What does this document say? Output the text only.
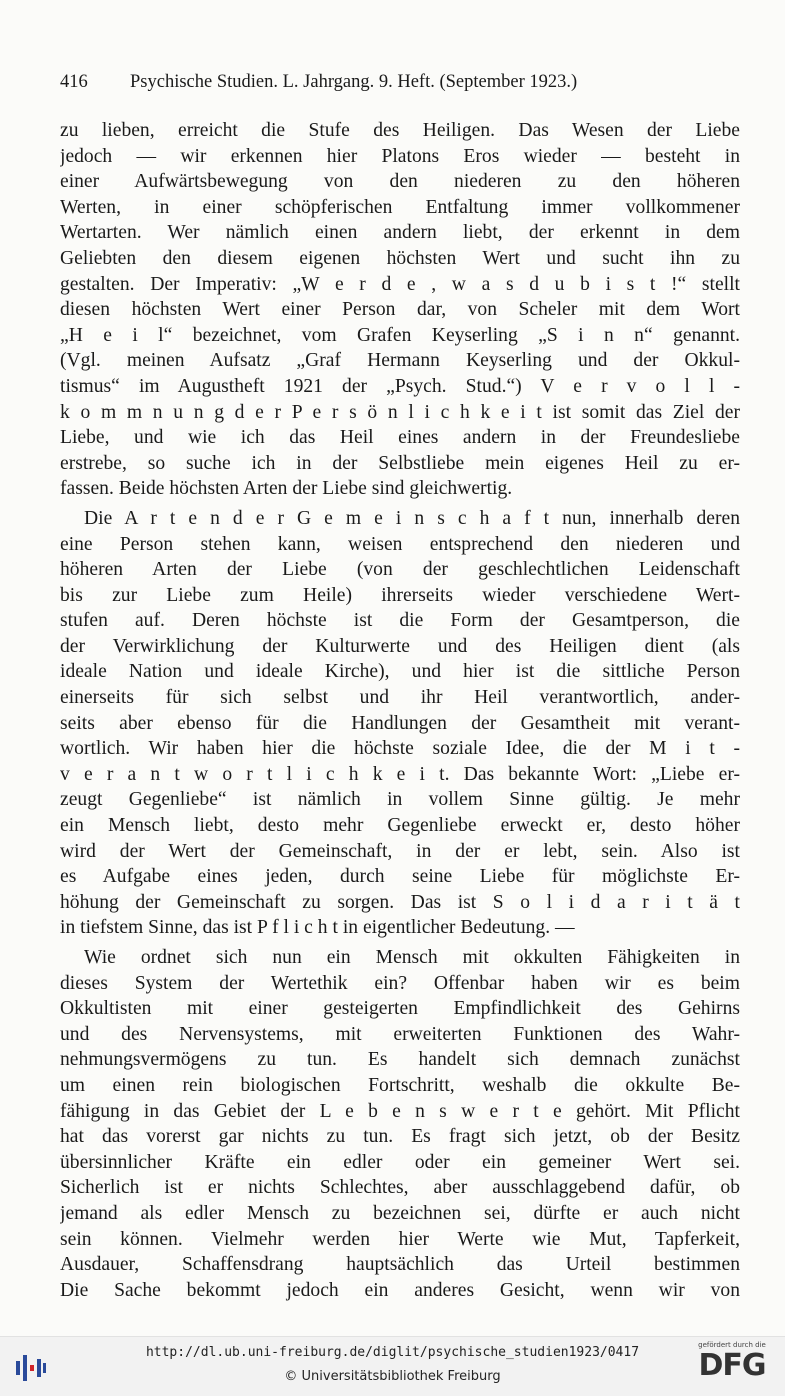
416 Psychische Studien. L. Jahrgang. 9. Heft. (September 1923.)
zu lieben, erreicht die Stufe des Heiligen. Das Wesen der Liebe
jedoch — wir erkennen hier Platons Eros wieder — besteht in
einer Aufwärtsbewegung von den niederen zu den höheren
Werten, in einer schöpferischen Entfaltung immer vollkommener
Wertarten. Wer nämlich einen andern liebt, der erkennt in dem
Geliebten den diesem eigenen höchsten Wert und sucht ihn zu
gestalten. Der Imperativ: „W e r d e , w a s d u b i s t !“ stellt
diesen höchsten Wert einer Person dar, von Scheler mit dem Wort
„H e i l“ bezeichnet, vom Grafen Keyserling „S i n n“ genannt.
(Vgl. meinen Aufsatz „Graf Hermann Keyserling und der Okkul-
tismus“ im Augustheft 1921 der „Psych. Stud.“) V e r v o l l -
k o m m n u n g d e r P e r s ö n l i c h k e i t ist somit das Ziel der
Liebe, und wie ich das Heil eines andern in der Freundesliebe
erstrebe, so suche ich in der Selbstliebe mein eigenes Heil zu er-
fassen. Beide höchsten Arten der Liebe sind gleichwertig.
Die A r t e n d e r G e m e i n s c h a f t nun, innerhalb deren
eine Person stehen kann, weisen entsprechend den niederen und
höheren Arten der Liebe (von der geschlechtlichen Leidenschaft
bis zur Liebe zum Heile) ihrerseits wieder verschiedene Wert-
stufen auf. Deren höchste ist die Form der Gesamtperson, die
der Verwirklichung der Kulturwerte und des Heiligen dient (als
ideale Nation und ideale Kirche), und hier ist die sittliche Person
einerseits für sich selbst und ihr Heil verantwortlich, ander-
seits aber ebenso für die Handlungen der Gesamtheit mit verant-
wortlich. Wir haben hier die höchste soziale Idee, die der M i t -
v e r a n t w o r t l i c h k e i t. Das bekannte Wort: „Liebe er-
zeugt Gegenliebe“ ist nämlich in vollem Sinne gültig. Je mehr
ein Mensch liebt, desto mehr Gegenliebe erweckt er, desto höher
wird der Wert der Gemeinschaft, in der er lebt, sein. Also ist
es Aufgabe eines jeden, durch seine Liebe für möglichste Er-
höhung der Gemeinschaft zu sorgen. Das ist S o l i d a r i t ä t
in tiefstem Sinne, das ist P f l i c h t in eigentlicher Bedeutung. —
Wie ordnet sich nun ein Mensch mit okkulten Fähigkeiten in
dieses System der Wertethik ein? Offenbar haben wir es beim
Okkultisten mit einer gesteigerten Empfindlichkeit des Gehirns
und des Nervensystems, mit erweiterten Funktionen des Wahr-
nehmungsvermögens zu tun. Es handelt sich demnach zunächst
um einen rein biologischen Fortschritt, weshalb die okkulte Be-
fähigung in das Gebiet der L e b e n s w e r t e gehört. Mit Pflicht
hat das vorerst gar nichts zu tun. Es fragt sich jetzt, ob der Besitz
übersinnlicher Kräfte ein edler oder ein gemeiner Wert sei.
Sicherlich ist er nichts Schlechtes, aber ausschlaggebend dafür, ob
jemand als edler Mensch zu bezeichnen sei, dürfte er auch nicht
sein können. Vielmehr werden hier Werte wie Mut, Tapferkeit,
Ausdauer, Schaffensdrang hauptsächlich das Urteil bestimmen
Die Sache bekommt jedoch ein anderes Gesicht, wenn wir von
http://dl.ub.uni-freiburg.de/diglit/psychische_studien1923/0417
© Universitätsbibliothek Freiburg
gefördert durch die
DFG
